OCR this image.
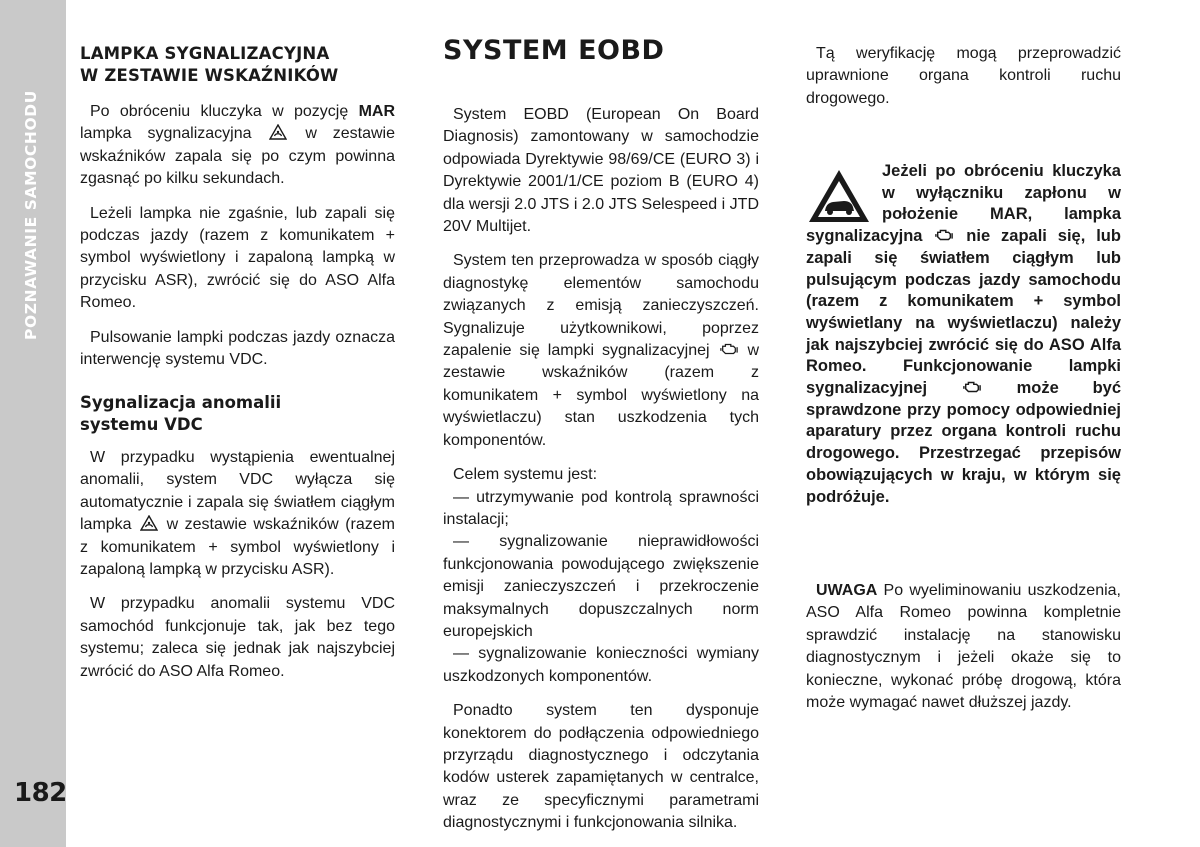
POZNAWANIE SAMOCHODU
182
LAMPKA SYGNALIZACYJNA
W ZESTAWIE WSKAŹNIKÓW

Po obróceniu kluczyka w pozycję MAR lampka sygnalizacyjna	w zestawie wskaźników zapala się po czym powinna zgasnąć po kilku sekundach.

Leżeli lampka nie zgaśnie, lub zapali się podczas jazdy (razem z komunikatem + symbol wyświetlony i zapaloną lampką w przycisku ASR), zwrócić się do ASO Alfa Romeo.

Pulsowanie lampki podczas jazdy oznacza interwencję systemu VDC.

Sygnalizacja anomalii
systemu VDC

W przypadku wystąpienia ewentualnej anomalii, system VDC wyłącza się automatycznie i zapala się światłem ciągłym lampka w zestawie wskaźników (razem z komunikatem + symbol wyświetlony i zapaloną lampką w przycisku ASR).

W przypadku anomalii systemu VDC samochód funkcjonuje tak, jak bez tego systemu; zaleca się jednak jak najszybciej zwrócić do ASO Alfa Romeo.

SYSTEM EOBD

System EOBD (European On Board Diagnosis) zamontowany w samochodzie odpowiada Dyrektywie 98/69/CE (EURO 3) i Dyrektywie 2001/1/CE poziom B (EURO 4) dla wersji 2.0 JTS i 2.0 JTS Selespeed i JTD 20V Multijet.

System ten przeprowadza w sposób ciągły diagnostykę elementów samochodu związanych z emisją zanieczyszczeń. Sygnalizuje użytkownikowi, poprzez zapalenie się lampki sygnalizacyjnej w zestawie wskaźników (razem z komunikatem + symbol wyświetlony na wyświetlaczu) stan uszkodzenia tych komponentów.

Celem systemu jest:

— utrzymywanie pod kontrolą sprawności instalacji;

— sygnalizowanie nieprawidłowości funkcjonowania powodującego zwiększenie emisji zanieczyszczeń i przekroczenie maksymalnych dopuszczalnych norm europejskich

— sygnalizowanie konieczności wymiany uszkodzonych komponentów.

Ponadto system ten dysponuje konektorem do podłączenia odpowiedniego przyrządu diagnostycznego i odczytania kodów usterek zapamiętanych w centralce, wraz ze specyficznymi parametrami diagnostycznymi i funkcjonowania silnika.

Tą weryfikację mogą przeprowadzić uprawnione organa kontroli ruchu drogowego.

Jeżeli po obróceniu kluczyka w wyłączniku zapłonu w położenie MAR, lampka sygnalizacyjna	nie zapali się, lub zapali się światłem ciągłym lub pulsującym podczas jazdy samochodu (razem z komunikatem + symbol wyświetlany na wyświetlaczu) należy jak najszybciej zwrócić się do ASO Alfa Romeo. Funkcjonowanie lampki sygnalizacyjnej	może być sprawdzone przy pomocy odpowiedniej aparatury przez organa kontroli ruchu drogowego. Przestrzegać przepisów obowiązujących w kraju, w którym się podróżuje.

UWAGA Po wyeliminowaniu uszkodzenia, ASO Alfa Romeo powinna kompletnie sprawdzić instalację na stanowisku diagnostycznym i jeżeli okaże się to konieczne, wykonać próbę drogową, która może wymagać nawet dłuższej jazdy.
